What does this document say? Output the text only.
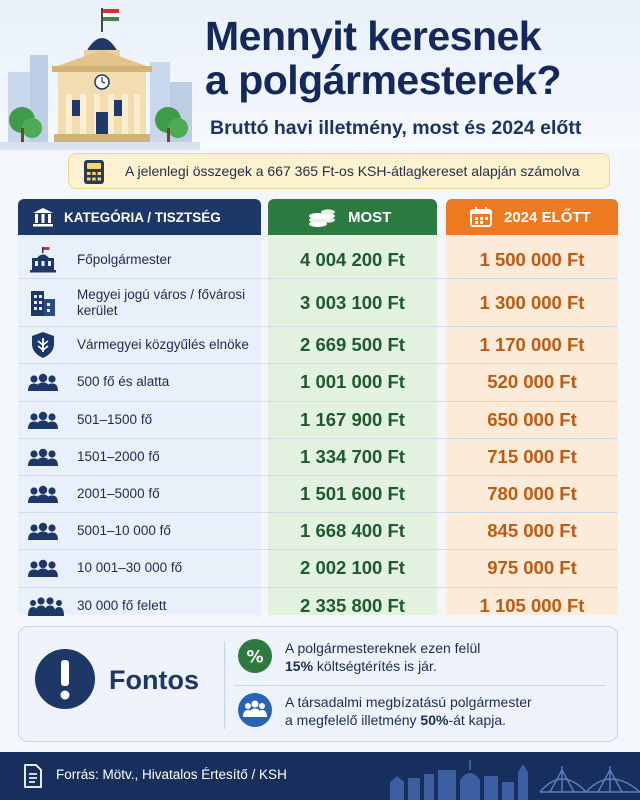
Mennyit keresnek
a polgármesterek?
Bruttó havi illetmény, most és 2024 előtt
A jelenlegi összegek a 667 365 Ft-os KSH-átlagkereset alapján számolva
KATEGÓRIA / TISZTSÉG	MOST	2024 ELŐTT
Főpolgármester	4 004 200 Ft	1 500 000 Ft
Megyei jogú város / fővárosi kerület	3 003 100 Ft	1 300 000 Ft
Vármegyei közgyűlés elnöke	2 669 500 Ft	1 170 000 Ft
500 fő és alatta	1 001 000 Ft	520 000 Ft
501–1500 fő	1 167 900 Ft	650 000 Ft
1501–2000 fő	1 334 700 Ft	715 000 Ft
2001–5000 fő	1 501 600 Ft	780 000 Ft
5001–10 000 fő	1 668 400 Ft	845 000 Ft
10 001–30 000 fő	2 002 100 Ft	975 000 Ft
30 000 fő felett	2 335 800 Ft	1 105 000 Ft
Fontos
% A polgármestereknek ezen felül
15% költségtérítés is jár.
A társadalmi megbízatású polgármester
a megfelelő illetmény 50%-át kapja.
Forrás: Mötv., Hivatalos Értesítő / KSH
